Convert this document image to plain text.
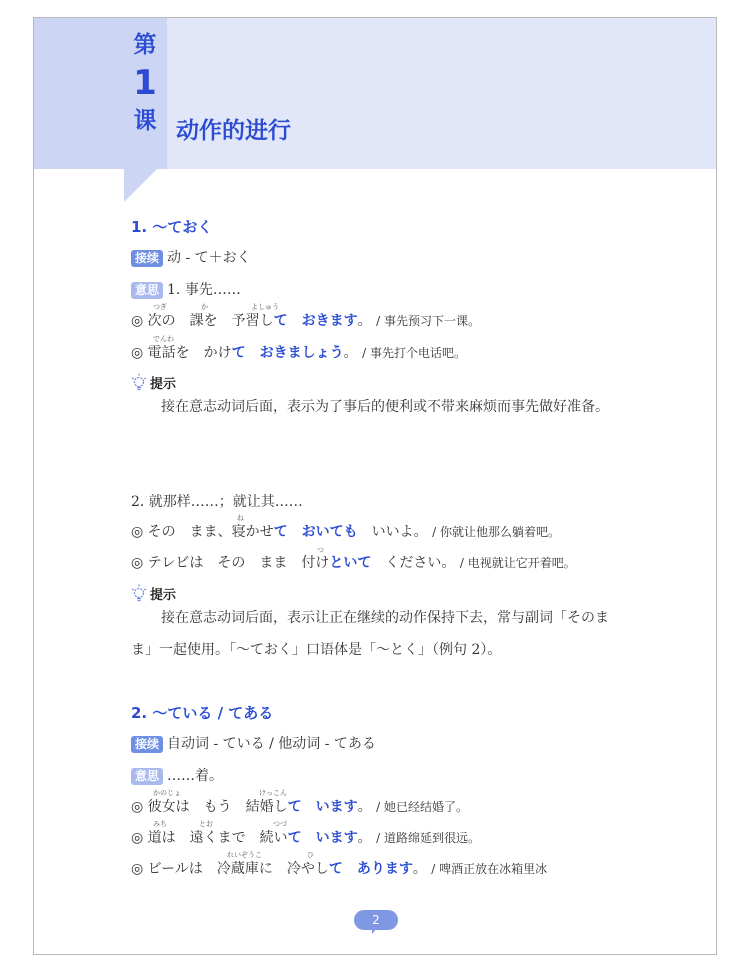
第
1
课 动作的进行
1. ～ておく
接续 动 - て＋おく
意思 1. 事先……
つぎ	か	よしゅう
◎ 次の　課を　予習して　おきます。 / 事先预习下一课。
でんわ
◎ 電話を　かけて　おきましょう。 / 事先打个电话吧。
提示
接在意志动词后面，表示为了事后的便利或不带来麻烦而事先做好准备。
2. 就那样……；就让其……
ね
◎ その　まま、寝かせて　おいても　いいよ。 / 你就让他那么躺着吧。
つ
◎ テレビは　その　まま　付けといて　ください。 / 电视就让它开着吧。
提示
接在意志动词后面，表示让正在继续的动作保持下去，常与副词「そのまま」一起使用。「～ておく」口语体是「～とく」（例句 2）。
2. ～ている / てある
接续 自动词 - ている / 他动词 - てある
意思 ……着。
かのじょ	けっこん
◎ 彼女は　もう　結婚して　います。 / 她已经结婚了。
みち	とお	つづ
◎ 道は　遠くまで　続いて　います。 / 道路绵延到很远。
れいぞうこ	ひ
◎ ビールは　冷蔵庫に　冷やして　あります。 / 啤酒正放在冰箱里冰
2
